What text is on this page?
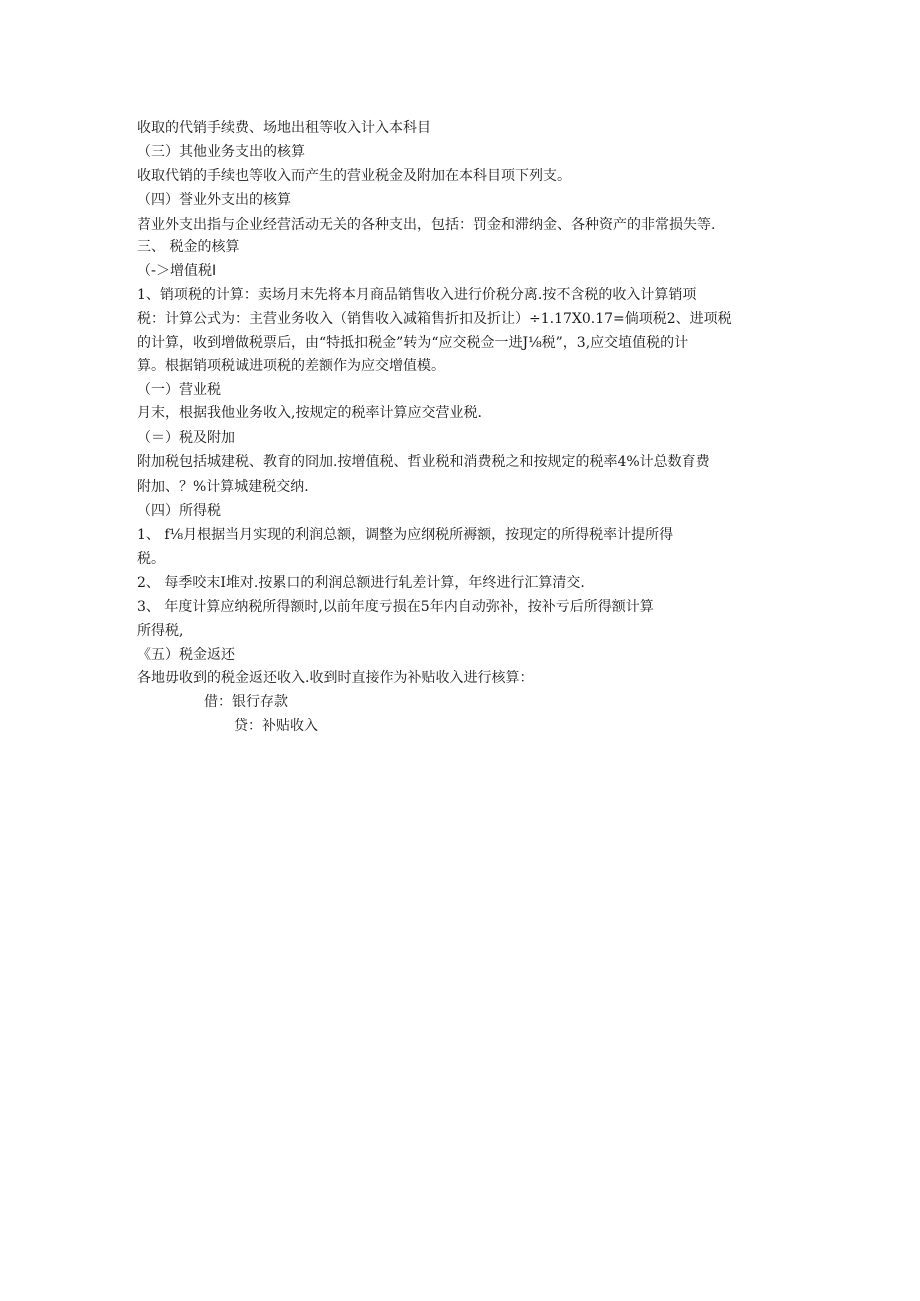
收取的代销手续费、场地出租等收入计入本科目
（三）其他业务支出的核算
收取代销的手续也等收入而产生的营业税金及附加在本科目项下列支。
（四）誉业外支出的核算
苕业外支出指与企业经营活动无关的各种支出，包括：罚金和滞纳金、各种资产的非常损失等.
三、 税金的核算
（-＞增值税Ⅰ
1、销项税的计算：卖场月末先将本月商品销售收入进行价税分离.按不含税的收入计算销项
税：计算公式为：主营业务收入（销售收入减箱售折扣及折让）÷1.17X0.17=倘项税2、进项税
的计算，收到增做税票后，由“特抵扣税金”转为“应交税佥一进J⅛税”，3,应交埴值税的计
算。根据销项税诚进项税的差额作为应交增值模。
（一）营业税
月末，根据我他业务收入,按规定的税率计算应交营业税.
（＝）税及附加
附加税包括城建税、教育的冏加.按增值税、哲业税和消费税之和按规定的税率4%计总数育费
附加、？%计算城建税交纳.
（四）所得税
1、 f⅛月根据当月实现的利润总额，调整为应纲税所褥额，按现定的所得税率计提所得
税。
2、 每季咬末I堆对.按累口的利润总额进行轧差计算，年终进行汇算清交.
3、 年度计算应纳税所得额时,以前年度亏损在5年内自动弥补，按补亏后所得额计算
所得税,
《五）税金返还
各地毋收到的税金返还收入.收到时直接作为补贴收入进行核算：
借：银行存款
贷：补贴收入
